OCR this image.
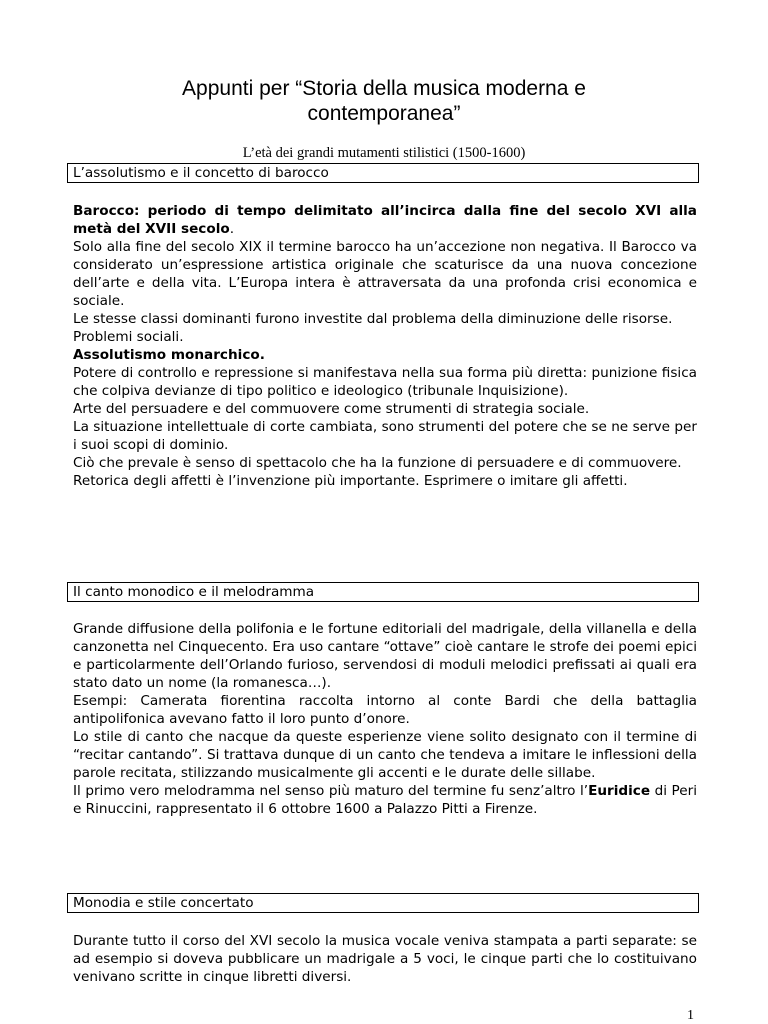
Appunti per “Storia della musica moderna e
contemporanea”
L’età dei grandi mutamenti stilistici (1500-1600)
L’assolutismo e il concetto di barocco

Barocco: periodo di tempo delimitato all’incirca dalla fine del secolo XVI alla metà del XVII secolo.

Solo alla fine del secolo XIX il termine barocco ha un’accezione non negativa. Il Barocco va considerato un’espressione artistica originale che scaturisce da una nuova concezione dell’arte e della vita. L’Europa intera è attraversata da una profonda crisi economica e sociale.

Le stesse classi dominanti furono investite dal problema della diminuzione delle risorse.

Problemi sociali.

Assolutismo monarchico.

Potere di controllo e repressione si manifestava nella sua forma più diretta: punizione fisica che colpiva devianze di tipo politico e ideologico (tribunale Inquisizione).

Arte del persuadere e del commuovere come strumenti di strategia sociale.

La situazione intellettuale di corte cambiata, sono strumenti del potere che se ne serve per i suoi scopi di dominio.

Ciò che prevale è senso di spettacolo che ha la funzione di persuadere e di commuovere.

Retorica degli affetti è l’invenzione più importante. Esprimere o imitare gli affetti.

Il canto monodico e il melodramma

Grande diffusione della polifonia e le fortune editoriali del madrigale, della villanella e della canzonetta nel Cinquecento. Era uso cantare “ottave” cioè cantare le strofe dei poemi epici e particolarmente dell’Orlando furioso, servendosi di moduli melodici prefissati ai quali era stato dato un nome (la romanesca…).

Esempi: Camerata fiorentina raccolta intorno al conte Bardi che della battaglia antipolifonica avevano fatto il loro punto d’onore.

Lo stile di canto che nacque da queste esperienze viene solito designato con il termine di “recitar cantando”. Si trattava dunque di un canto che tendeva a imitare le inflessioni della parole recitata, stilizzando musicalmente gli accenti e le durate delle sillabe.

Il primo vero melodramma nel senso più maturo del termine fu senz’altro l’Euridice di Peri e Rinuccini, rappresentato il 6 ottobre 1600 a Palazzo Pitti a Firenze.

Monodia e stile concertato

Durante tutto il corso del XVI secolo la musica vocale veniva stampata a parti separate: se ad esempio si doveva pubblicare un madrigale a 5 voci, le cinque parti che lo costituivano venivano scritte in cinque libretti diversi.

1
